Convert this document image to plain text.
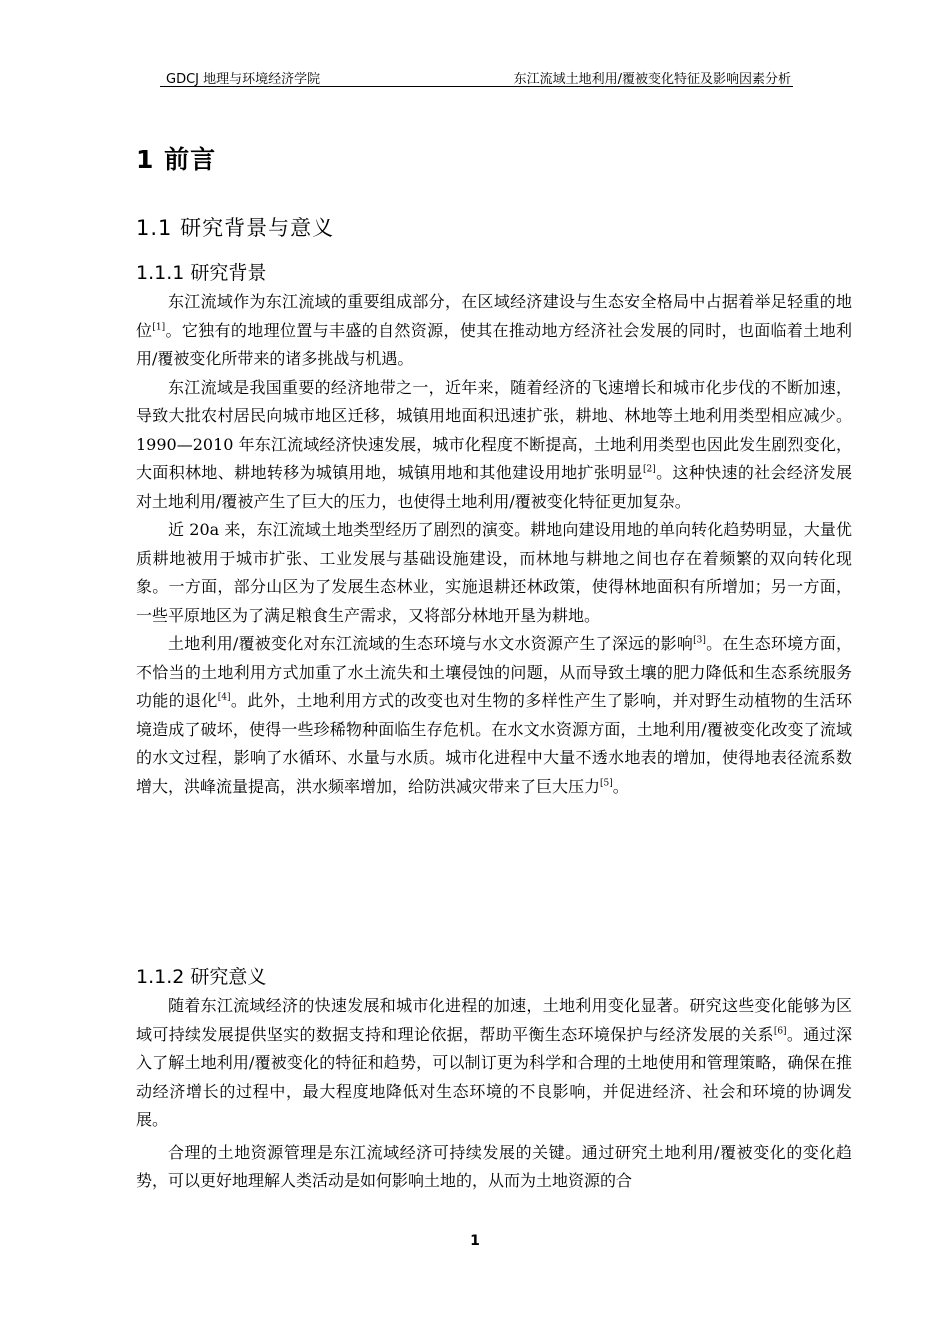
GDCJ 地理与环境经济学院	东江流域土地利用/覆被变化特征及影响因素分析
1 前言
1.1 研究背景与意义
1.1.1 研究背景

东江流域作为东江流域的重要组成部分，在区域经济建设与生态安全格局中占据着举足轻重的地位[1]。它独有的地理位置与丰盛的自然资源，使其在推动地方经济社会发展的同时，也面临着土地利用/覆被变化所带来的诸多挑战与机遇。

东江流域是我国重要的经济地带之一，近年来，随着经济的飞速增长和城市化步伐的不断加速，导致大批农村居民向城市地区迁移，城镇用地面积迅速扩张，耕地、林地等土地利用类型相应减少。1990—2010 年东江流域经济快速发展，城市化程度不断提高，土地利用类型也因此发生剧烈变化，大面积林地、耕地转移为城镇用地，城镇用地和其他建设用地扩张明显[2]。这种快速的社会经济发展对土地利用/覆被产生了巨大的压力，也使得土地利用/覆被变化特征更加复杂。

近 20a 来，东江流域土地类型经历了剧烈的演变。耕地向建设用地的单向转化趋势明显，大量优质耕地被用于城市扩张、工业发展与基础设施建设，而林地与耕地之间也存在着频繁的双向转化现象。一方面，部分山区为了发展生态林业，实施退耕还林政策，使得林地面积有所增加；另一方面，一些平原地区为了满足粮食生产需求，又将部分林地开垦为耕地。

土地利用/覆被变化对东江流域的生态环境与水文水资源产生了深远的影响[3]。在生态环境方面，不恰当的土地利用方式加重了水土流失和土壤侵蚀的问题，从而导致土壤的肥力降低和生态系统服务功能的退化[4]。此外，土地利用方式的改变也对生物的多样性产生了影响，并对野生动植物的生活环境造成了破坏，使得一些珍稀物种面临生存危机。在水文水资源方面，土地利用/覆被变化改变了流域的水文过程，影响了水循环、水量与水质。城市化进程中大量不透水地表的增加，使得地表径流系数增大，洪峰流量提高，洪水频率增加，给防洪减灾带来了巨大压力[5]。

1.1.2 研究意义

随着东江流域经济的快速发展和城市化进程的加速，土地利用变化显著。研究这些变化能够为区域可持续发展提供坚实的数据支持和理论依据，帮助平衡生态环境保护与经济发展的关系[6]。通过深入了解土地利用/覆被变化的特征和趋势，可以制订更为科学和合理的土地使用和管理策略，确保在推动经济增长的过程中，最大程度地降低对生态环境的不良影响，并促进经济、社会和环境的协调发展。

合理的土地资源管理是东江流域经济可持续发展的关键。通过研究土地利用/覆被变化的变化趋势，可以更好地理解人类活动是如何影响土地的，从而为土地资源的合

1
